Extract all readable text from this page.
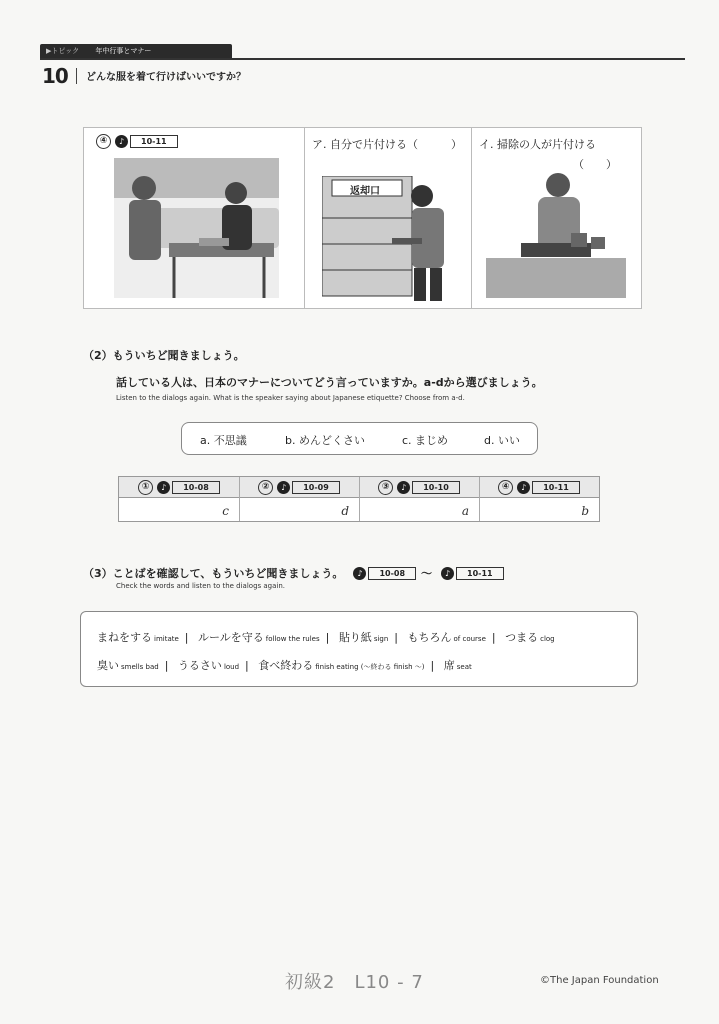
▶トピック 年中行事とマナー
10 どんな服を着て行けばいいですか？
④	♪	10-11	ア. 自分で片付ける（　　　）
返却口
イ. 掃除の人が片付ける
（　　）
（2）もういちど聞きましょう。
話している人は、日本のマナーについてどう言っていますか。a-dから選びましょう。
Listen to the dialogs again. What is the speaker saying about Japanese etiquette? Choose from a-d.
a. 不思議	b. めんどくさい	c. まじめ	d. いい
①	♪	10-08
c
②	♪	10-09
d
③	♪	10-10
a
④	♪	10-11
b
（3）ことばを確認して、もういちど聞きましょう。	♪	10-08	～	♪	10-11
Check the words and listen to the dialogs again.
まねをする imitate | ルールを守る follow the rules | 貼り紙 sign | もちろん of course | つまる clog
臭い smells bad | うるさい loud | 食べ終わる finish eating (～終わる finish ～) | 席 seat
初級2　L10 - 7	©The Japan Foundation
